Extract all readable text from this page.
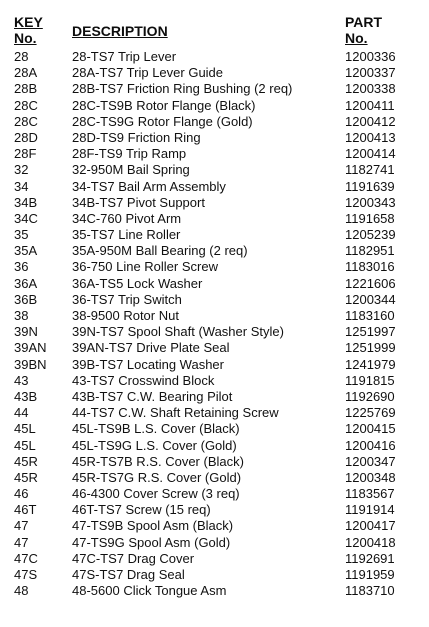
KEY
No.	DESCRIPTION
PART
No.
28	28-TS7 Trip Lever	1200336
28A	28A-TS7 Trip Lever Guide	1200337
28B	28B-TS7 Friction Ring Bushing (2 req)	1200338
28C	28C-TS9B Rotor Flange (Black)	1200411
28C	28C-TS9G Rotor Flange (Gold)	1200412
28D	28D-TS9 Friction Ring	1200413
28F	28F-TS9 Trip Ramp	1200414
32	32-950M Bail Spring	1182741
34	34-TS7 Bail Arm Assembly	1191639
34B	34B-TS7 Pivot Support	1200343
34C	34C-760 Pivot Arm	1191658
35	35-TS7 Line Roller	1205239
35A	35A-950M Ball Bearing (2 req)	1182951
36	36-750 Line Roller Screw	1183016
36A	36A-TS5 Lock Washer	1221606
36B	36-TS7 Trip Switch	1200344
38	38-9500 Rotor Nut	1183160
39N	39N-TS7 Spool Shaft (Washer Style)	1251997
39AN 39AN-TS7 Drive Plate Seal	1251999
39BN 39B-TS7 Locating Washer	1241979
43	43-TS7 Crosswind Block	1191815
43B	43B-TS7 C.W. Bearing Pilot	1192690
44	44-TS7 C.W. Shaft Retaining Screw	1225769
45L	45L-TS9B L.S. Cover (Black)	1200415
45L	45L-TS9G L.S. Cover (Gold)	1200416
45R	45R-TS7B R.S. Cover (Black)	1200347
45R	45R-TS7G R.S. Cover (Gold)	1200348
46	46-4300 Cover Screw (3 req)	1183567
46T	46T-TS7 Screw (15 req)	1191914
47	47-TS9B Spool Asm (Black)	1200417
47	47-TS9G Spool Asm (Gold)	1200418
47C	47C-TS7 Drag Cover	1192691
47S	47S-TS7 Drag Seal	1191959
48	48-5600 Click Tongue Asm	1183710
